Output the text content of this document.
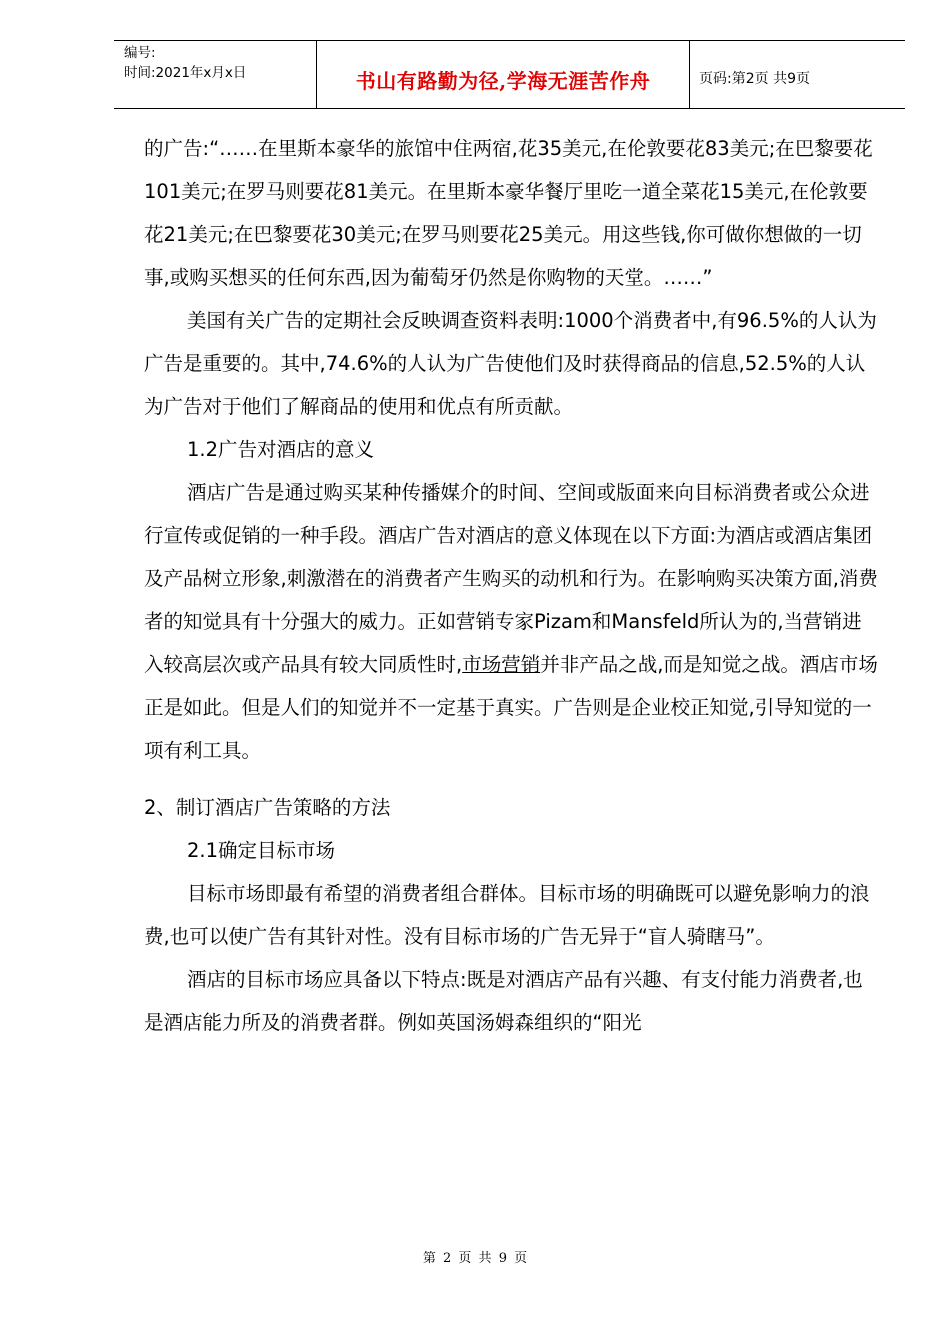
编号:
时间:2021年x月x日	书山有路勤为径,学海无涯苦作舟	页码:第2页 共9页

的广告:“……在里斯本豪华的旅馆中住两宿,花35美元,在伦敦要花83美元;在巴黎要花101美元;在罗马则要花81美元。在里斯本豪华餐厅里吃一道全菜花15美元,在伦敦要花21美元;在巴黎要花30美元;在罗马则要花25美元。用这些钱,你可做你想做的一切事,或购买想买的任何东西,因为葡萄牙仍然是你购物的天堂。……”

美国有关广告的定期社会反映调查资料表明:1000个消费者中,有96.5%的人认为广告是重要的。其中,74.6%的人认为广告使他们及时获得商品的信息,52.5%的人认为广告对于他们了解商品的使用和优点有所贡献。

1.2广告对酒店的意义

酒店广告是通过购买某种传播媒介的时间、空间或版面来向目标消费者或公众进行宣传或促销的一种手段。酒店广告对酒店的意义体现在以下方面:为酒店或酒店集团及产品树立形象,刺激潜在的消费者产生购买的动机和行为。在影响购买决策方面,消费者的知觉具有十分强大的威力。正如营销专家Pizam和Mansfeld所认为的,当营销进入较高层次或产品具有较大同质性时,市场营销并非产品之战,而是知觉之战。酒店市场正是如此。但是人们的知觉并不一定基于真实。广告则是企业校正知觉,引导知觉的一项有利工具。

2、制订酒店广告策略的方法

2.1确定目标市场

目标市场即最有希望的消费者组合群体。目标市场的明确既可以避免影响力的浪费,也可以使广告有其针对性。没有目标市场的广告无异于“盲人骑瞎马”。

酒店的目标市场应具备以下特点:既是对酒店产品有兴趣、有支付能力消费者,也是酒店能力所及的消费者群。例如英国汤姆森组织的“阳光

第 2 页 共 9 页
